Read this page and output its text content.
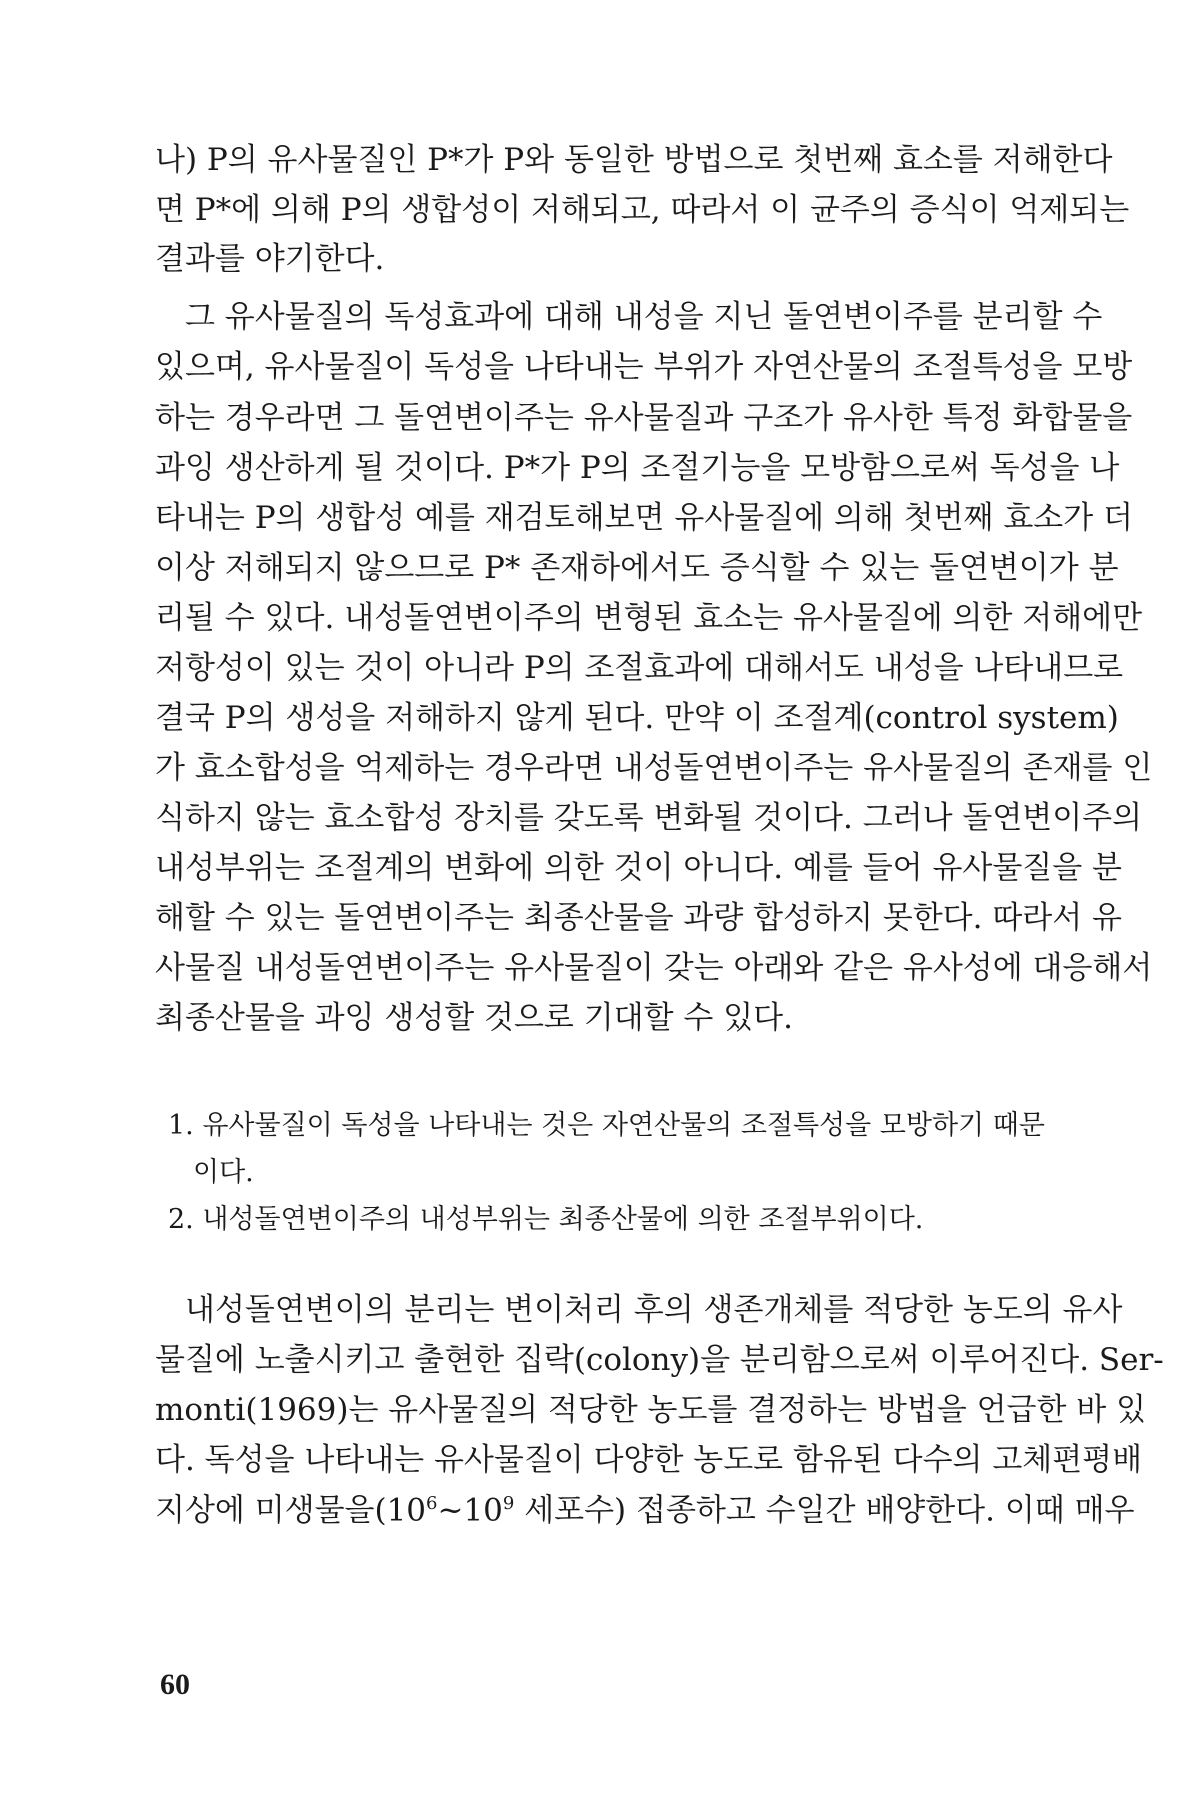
나) P의 유사물질인 P*가 P와 동일한 방법으로 첫번째 효소를 저해한다
면 P*에 의해 P의 생합성이 저해되고, 따라서 이 균주의 증식이 억제되는
결과를 야기한다.
그 유사물질의 독성효과에 대해 내성을 지닌 돌연변이주를 분리할 수
있으며, 유사물질이 독성을 나타내는 부위가 자연산물의 조절특성을 모방
하는 경우라면 그 돌연변이주는 유사물질과 구조가 유사한 특정 화합물을
과잉 생산하게 될 것이다. P*가 P의 조절기능을 모방함으로써 독성을 나
타내는 P의 생합성 예를 재검토해보면 유사물질에 의해 첫번째 효소가 더
이상 저해되지 않으므로 P* 존재하에서도 증식할 수 있는 돌연변이가 분
리될 수 있다. 내성돌연변이주의 변형된 효소는 유사물질에 의한 저해에만
저항성이 있는 것이 아니라 P의 조절효과에 대해서도 내성을 나타내므로
결국 P의 생성을 저해하지 않게 된다. 만약 이 조절계(control system)
가 효소합성을 억제하는 경우라면 내성돌연변이주는 유사물질의 존재를 인
식하지 않는 효소합성 장치를 갖도록 변화될 것이다. 그러나 돌연변이주의
내성부위는 조절계의 변화에 의한 것이 아니다. 예를 들어 유사물질을 분
해할 수 있는 돌연변이주는 최종산물을 과량 합성하지 못한다. 따라서 유
사물질 내성돌연변이주는 유사물질이 갖는 아래와 같은 유사성에 대응해서
최종산물을 과잉 생성할 것으로 기대할 수 있다.
1. 유사물질이 독성을 나타내는 것은 자연산물의 조절특성을 모방하기 때문
이다.
2. 내성돌연변이주의 내성부위는 최종산물에 의한 조절부위이다.
내성돌연변이의 분리는 변이처리 후의 생존개체를 적당한 농도의 유사
물질에 노출시키고 출현한 집락(colony)을 분리함으로써 이루어진다. Ser-
monti(1969)는 유사물질의 적당한 농도를 결정하는 방법을 언급한 바 있
다. 독성을 나타내는 유사물질이 다양한 농도로 함유된 다수의 고체편평배
지상에 미생물을($10^6\sim 10^9$ 세포수) 접종하고 수일간 배양한다. 이때 매우
60
